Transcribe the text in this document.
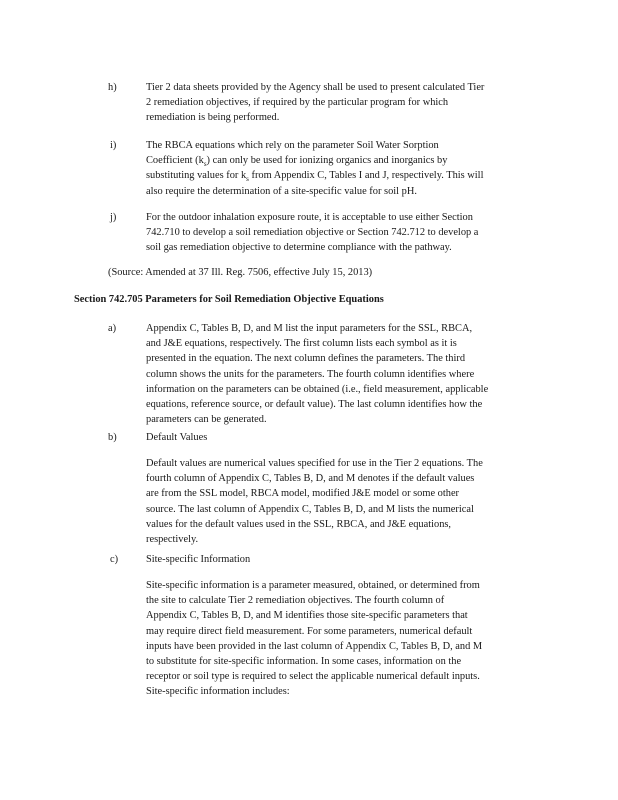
h)	Tier 2 data sheets provided by the Agency shall be used to present calculated Tier
2 remediation objectives, if required by the particular program for which
remediation is being performed.
i)	The RBCA equations which rely on the parameter Soil Water Sorption
Coefficient $(k_s)$ can only be used for ionizing organics and inorganics by
substituting values for $k_s$ from Appendix C, Tables I and J, respectively. This will
also require the determination of a site-specific value for soil pH.
j)	For the outdoor inhalation exposure route, it is acceptable to use either Section
742.710 to develop a soil remediation objective or Section 742.712 to develop a
soil gas remediation objective to determine compliance with the pathway.
(Source: Amended at 37 Ill. Reg. 7506, effective July 15, 2013)
Section 742.705 Parameters for Soil Remediation Objective Equations
a)	Appendix C, Tables B, D, and M list the input parameters for the SSL, RBCA,
and J&E equations, respectively. The first column lists each symbol as it is
presented in the equation. The next column defines the parameters. The third
column shows the units for the parameters. The fourth column identifies where
information on the parameters can be obtained (i.e., field measurement, applicable
equations, reference source, or default value). The last column identifies how the
parameters can be generated.
b)	Default Values
Default values are numerical values specified for use in the Tier 2 equations. The
fourth column of Appendix C, Tables B, D, and M denotes if the default values
are from the SSL model, RBCA model, modified J&E model or some other
source. The last column of Appendix C, Tables B, D, and M lists the numerical
values for the default values used in the SSL, RBCA, and J&E equations,
respectively.
c)	Site-specific Information
Site-specific information is a parameter measured, obtained, or determined from
the site to calculate Tier 2 remediation objectives. The fourth column of
Appendix C, Tables B, D, and M identifies those site-specific parameters that
may require direct field measurement. For some parameters, numerical default
inputs have been provided in the last column of Appendix C, Tables B, D, and M
to substitute for site-specific information. In some cases, information on the
receptor or soil type is required to select the applicable numerical default inputs.
Site-specific information includes:
